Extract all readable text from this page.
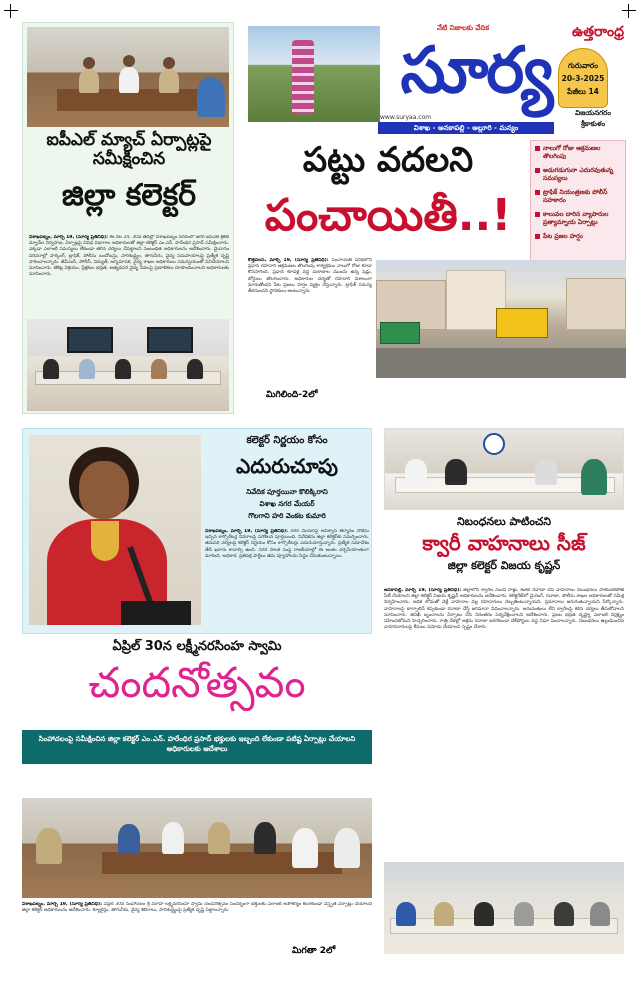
నేటి నిజాలకు వేదిక
సూర్య
ఉత్తరాంధ్ర
గురువారం
20-3-2025
పేజీలు 14
www.suryaa.com
విశాఖ - అనకాపల్లి - అల్లూరి - మన్యం
విజయనగరం
శ్రీకాకుళం
ఐపీఎల్ మ్యాచ్ ఏర్పాట్లపై సమీక్షించిన
జిల్లా కలెక్టర్
విశాఖపట్నం, మార్చి 19, (సూర్య ప్రతినిధి): ఈ నెల 24, 30వ తేదీల్లో విశాఖపట్నం నగరంలో జరిగే ఐపీఎల్ క్రికెట్ మ్యాచ్‌ల నిర్వహణ, ఏర్పాట్లపై వివిధ విభాగాల అధికారులతో జిల్లా కలెక్టర్ ఎం.ఎన్. హరేంధిర ప్రసాద్ సమీక్షించారు. ఎక్కడా ఎలాంటి సమస్యలు లేకుండా తగిన చర్యలు చేపట్టాలని సంబంధిత అధికారులను ఆదేశించారు. మైదానం పరిసరాల్లో పార్కింగ్, ట్రాఫిక్, పోలీసు బందోబస్తు, పారిశుద్ధ్యం, తాగునీరు, వైద్య సదుపాయాలపై ప్రత్యేక దృష్టి సారించాలన్నారు. జీవీఎంసీ, పోలీస్, విద్యుత్, అగ్నిమాపక, వైద్య శాఖల అధికారులు సమన్వయంతో పనిచేయాలని సూచించారు. టికెట్ల విక్రయం, ప్రేక్షకుల భద్రత, అత్యవసర వైద్య సేవలపై ప్రణాళికలు రూపొందించాలని అధికారులకు సూచించారు.
పట్టు వదలని
పంచాయితీ..!
నాలుగో రోజు ఆక్రమణల తొలగింపు
అడుగడుగునా ఎదురవుతున్న సమస్యలు
ట్రాఫిక్ నియంత్రణకు పోలీస్ సహకారం
కాలువల దారిన వ్యాపారుల ప్రత్యామ్నాయ ఏర్పాట్లు
పేట ప్రజల హర్షం
కొత్తవలస, మార్చి 19, (సూర్య ప్రతినిధి): పంచాయతీ పరిధిలోని ప్రధాన రహదారి ఆక్రమణల తొలగింపు కార్యక్రమం నాలుగో రోజు కూడా కొనసాగింది. ప్రధాన కూడళ్ల వద్ద దుకాణాల ముందు ఉన్న షెడ్లు, బోర్డులు తొలగించారు. అధికారుల చర్యతో రహదారి విశాలంగా మారుతోందని పేట ప్రజలు హర్షం వ్యక్తం చేస్తున్నారు. ట్రాఫిక్ సమస్య తీరనుందని స్థానికులు అంటున్నారు.
మిగిలింది-2లో
కలెక్టర్ నిర్ణయం కోసం
ఎదురుచూపు
నివేదిక పూర్తయినా కొలిక్కిరాని
విశాఖ నగర మేయర్
గొలగాని హరి వెంకట కుమారి
విశాఖపట్నం, మార్చి 19, (సూర్య ప్రతినిధి): నగర మేయర్‌పై అవిశ్వాస తీర్మానం నోటీసు ఇచ్చిన కార్పొరేటర్ల వివరాలపై పరిశీలన పూర్తయింది. నివేదికను జిల్లా కలెక్టర్‌కు సమర్పించారు. తదుపరి చర్యలపై కలెక్టర్ నిర్ణయం కోసం కార్పొరేటర్లు ఎదురుచూస్తున్నారు. ప్రత్యేక సమావేశం తేదీ ఖరారు కావాల్సి ఉంది. నగర పాలక సంస్థ రాజకీయాల్లో ఈ అంశం చర్చనీయాంశంగా మారింది. అధికార, ప్రతిపక్ష పార్టీలు తమ వ్యూహాలను సిద్ధం చేసుకుంటున్నాయి.
నిబంధనలు పాటించని
క్వారీ వాహనాలు సీజ్
జిల్లా కలెక్టర్ విజయ కృష్ణన్
అనకాపల్లి, మార్చి 19, (సూర్య ప్రతినిధి): జిల్లాలోని క్వారీల నుంచి రాళ్లు, కంకర రవాణా చేసే వాహనాలు నిబంధనలు పాటించకపోతే సీజ్ చేయాలని జిల్లా కలెక్టర్ విజయ కృష్ణన్ అధికారులను ఆదేశించారు. కలెక్టరేట్‌లో మైనింగ్, రవాణా, పోలీసు శాఖల అధికారులతో సమీక్ష నిర్వహించారు. అధిక లోడుతో వెళ్లే వాహనాల వల్ల రహదారులు దెబ్బతింటున్నాయని, ప్రమాదాలు జరుగుతున్నాయని పేర్కొన్నారు. వాహనాలపై టార్పాలిన్ కప్పకుండా రవాణా చేస్తే జరిమానా విధించాలన్నారు. అనుమతులు లేని క్వారీలపై కఠిన చర్యలు తీసుకోవాలని సూచించారు. తనిఖీ బృందాలను ఏర్పాటు చేసి నిరంతరం పర్యవేక్షించాలని ఆదేశించారు. ప్రజల భద్రత దృష్ట్యా ఎలాంటి నిర్లక్ష్యం సహించబోమని హెచ్చరించారు. రాత్రి వేళల్లో అక్రమ రవాణా జరగకుండా చెక్‌పోస్టుల వద్ద నిఘా పెంచాలన్నారు. నిబంధనలు ఉల్లంఘించిన వాహనదారులపై కేసులు నమోదు చేయాలని స్పష్టం చేశారు.
ఏప్రిల్ 30న లక్ష్మీనరసింహ స్వామి
చందనోత్సవం
సింహాచలంపై సమీక్షించిన జిల్లా కలెక్టర్ ఎం.ఎన్. హరేంధిర ప్రసాద్ భక్తులకు ఇబ్బంది లేకుండా పటిష్ట ఏర్పాట్లు చేయాలని అధికారులకు ఆదేశాలు
విశాఖపట్నం, మార్చి 19, (సూర్య ప్రతినిధి): ఏప్రిల్ 30న సింహాచలం శ్రీ వరాహ లక్ష్మీనరసింహ స్వామి చందనోత్సవం సందర్భంగా భక్తులకు ఎలాంటి అసౌకర్యం కలగకుండా విస్తృత ఏర్పాట్లు చేయాలని జిల్లా కలెక్టర్ అధికారులను ఆదేశించారు. క్యూలైన్లు, తాగునీరు, వైద్య శిబిరాలు, పారిశుద్ధ్యంపై ప్రత్యేక దృష్టి పెట్టాలన్నారు.
మిగతా 2లో
